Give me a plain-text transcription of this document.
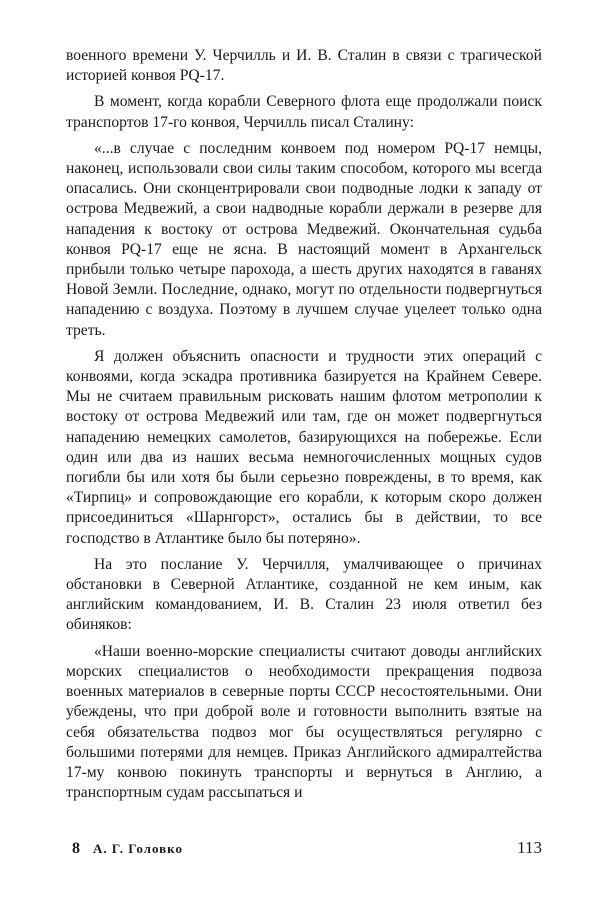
военного времени У. Черчилль и И. В. Сталин в связи с трагической историей конвоя PQ-17.

В момент, когда корабли Северного флота еще продолжали поиск транспортов 17-го конвоя, Черчилль писал Сталину:

«...в случае с последним конвоем под номером PQ-17 немцы, наконец, использовали свои силы таким способом, которого мы всегда опасались. Они сконцентрировали свои подводные лодки к западу от острова Медвежий, а свои надводные корабли держали в резерве для нападения к востоку от острова Медвежий. Окончательная судьба конвоя PQ-17 еще не ясна. В настоящий момент в Архангельск прибыли только четыре парохода, а шесть других находятся в гаванях Новой Земли. Последние, однако, могут по отдельности подвергнуться нападению с воздуха. Поэтому в лучшем случае уцелеет только одна треть.

Я должен объяснить опасности и трудности этих операций с конвоями, когда эскадра противника базируется на Крайнем Севере. Мы не считаем правильным рисковать нашим флотом метрополии к востоку от острова Медвежий или там, где он может подвергнуться нападению немецких самолетов, базирующихся на побережье. Если один или два из наших весьма немногочисленных мощных судов погибли бы или хотя бы были серьезно повреждены, в то время, как «Тирпиц» и сопровождающие его корабли, к которым скоро должен присоединиться «Шарнгорст», остались бы в действии, то все господство в Атлантике было бы потеряно».

На это послание У. Черчилля, умалчивающее о причинах обстановки в Северной Атлантике, созданной не кем иным, как английским командованием, И. В. Сталин 23 июля ответил без обиняков:

«Наши военно-морские специалисты считают доводы английских морских специалистов о необходимости прекращения подвоза военных материалов в северные порты СССР несостоятельными. Они убеждены, что при доброй воле и готовности выполнить взятые на себя обязательства подвоз мог бы осуществляться регулярно с большими потерями для немцев. Приказ Английского адмиралтейства 17-му конвою покинуть транспорты и вернуться в Англию, а транспортным судам рассыпаться и

8 А. Г. Головко	113
